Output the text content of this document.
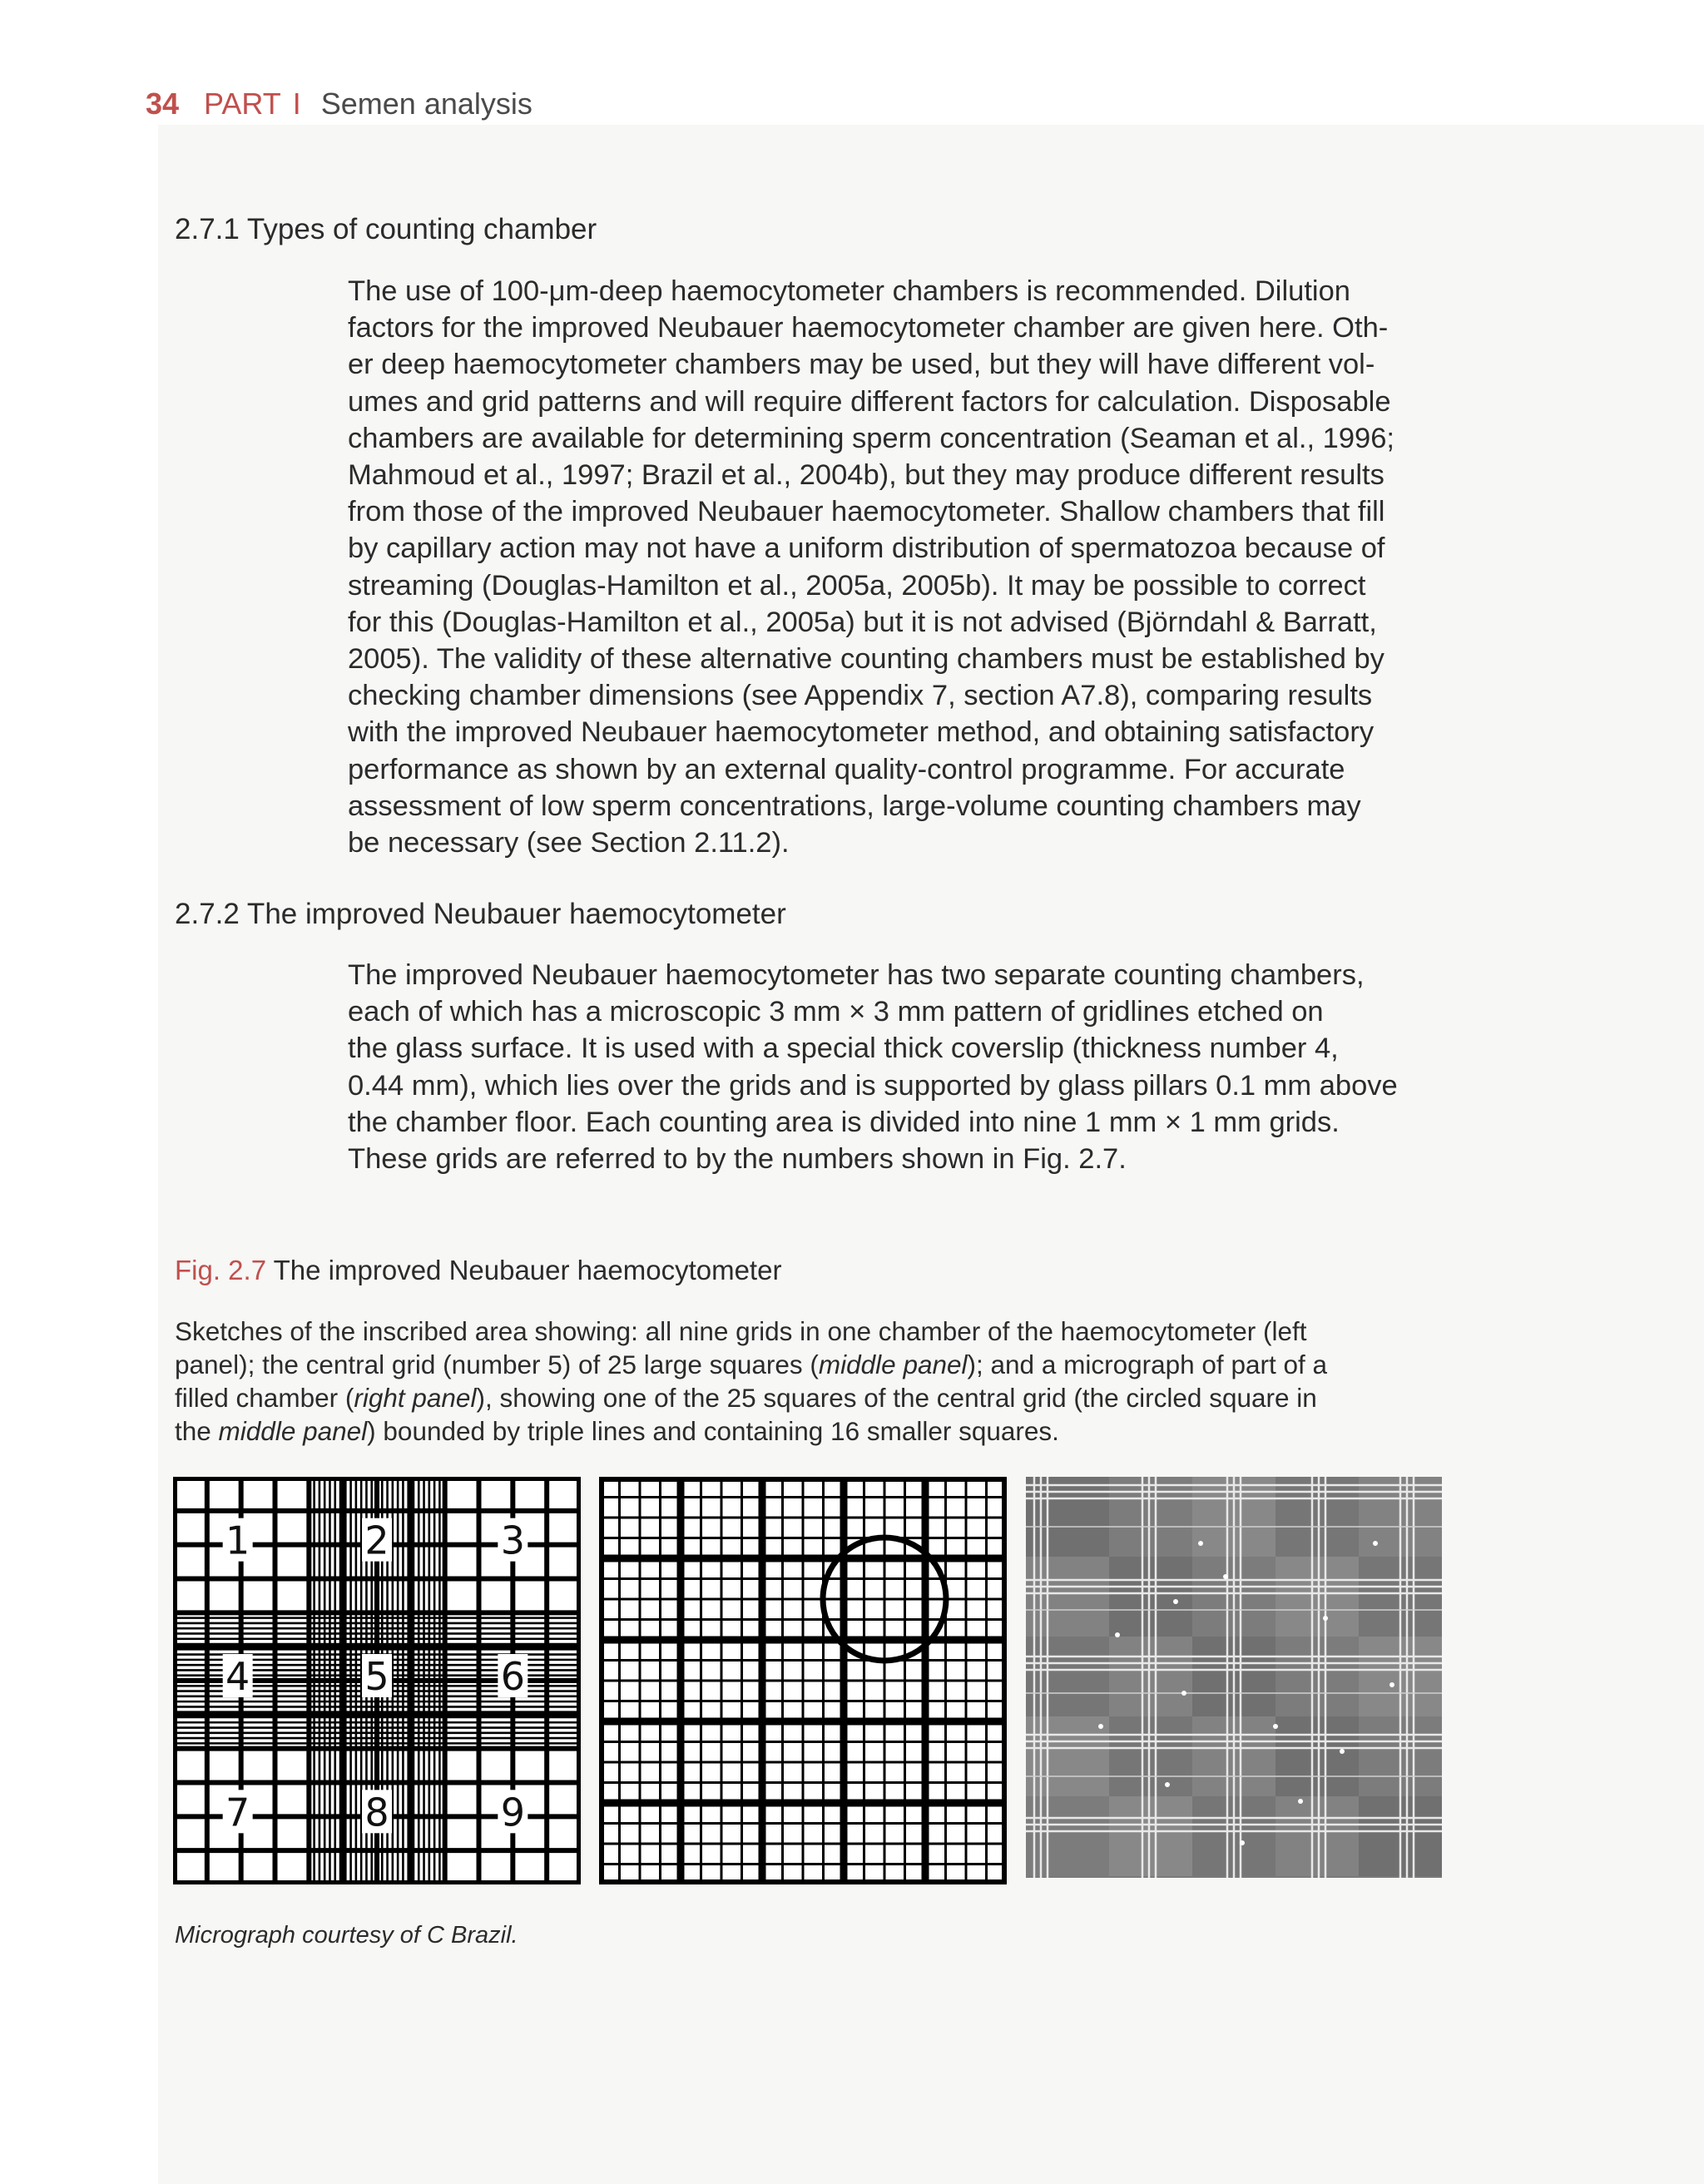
34 PART I Semen analysis
2.7.1 Types of counting chamber
The use of 100-μm-deep haemocytometer chambers is recommended. Dilution
factors for the improved Neubauer haemocytometer chamber are given here. Oth-
er deep haemocytometer chambers may be used, but they will have different vol-
umes and grid patterns and will require different factors for calculation. Disposable
chambers are available for determining sperm concentration (Seaman et al., 1996;
Mahmoud et al., 1997; Brazil et al., 2004b), but they may produce different results
from those of the improved Neubauer haemocytometer. Shallow chambers that fill
by capillary action may not have a uniform distribution of spermatozoa because of
streaming (Douglas-Hamilton et al., 2005a, 2005b). It may be possible to correct
for this (Douglas-Hamilton et al., 2005a) but it is not advised (Björndahl & Barratt,
2005). The validity of these alternative counting chambers must be established by
checking chamber dimensions (see Appendix 7, section A7.8), comparing results
with the improved Neubauer haemocytometer method, and obtaining satisfactory
performance as shown by an external quality-control programme. For accurate
assessment of low sperm concentrations, large-volume counting chambers may
be necessary (see Section 2.11.2).
2.7.2 The improved Neubauer haemocytometer
The improved Neubauer haemocytometer has two separate counting chambers,
each of which has a microscopic 3 mm × 3 mm pattern of gridlines etched on
the glass surface. It is used with a special thick coverslip (thickness number 4,
0.44 mm), which lies over the grids and is supported by glass pillars 0.1 mm above
the chamber floor. Each counting area is divided into nine 1 mm × 1 mm grids.
These grids are referred to by the numbers shown in Fig. 2.7.
Fig. 2.7 The improved Neubauer haemocytometer
Sketches of the inscribed area showing: all nine grids in one chamber of the haemocytometer (left
panel); the central grid (number 5) of 25 large squares (middle panel); and a micrograph of part of a
filled chamber (right panel), showing one of the 25 squares of the central grid (the circled square in
the middle panel) bounded by triple lines and containing 16 smaller squares.
1	2	3
4	5	6
7	8	9
Micrograph courtesy of C Brazil.
